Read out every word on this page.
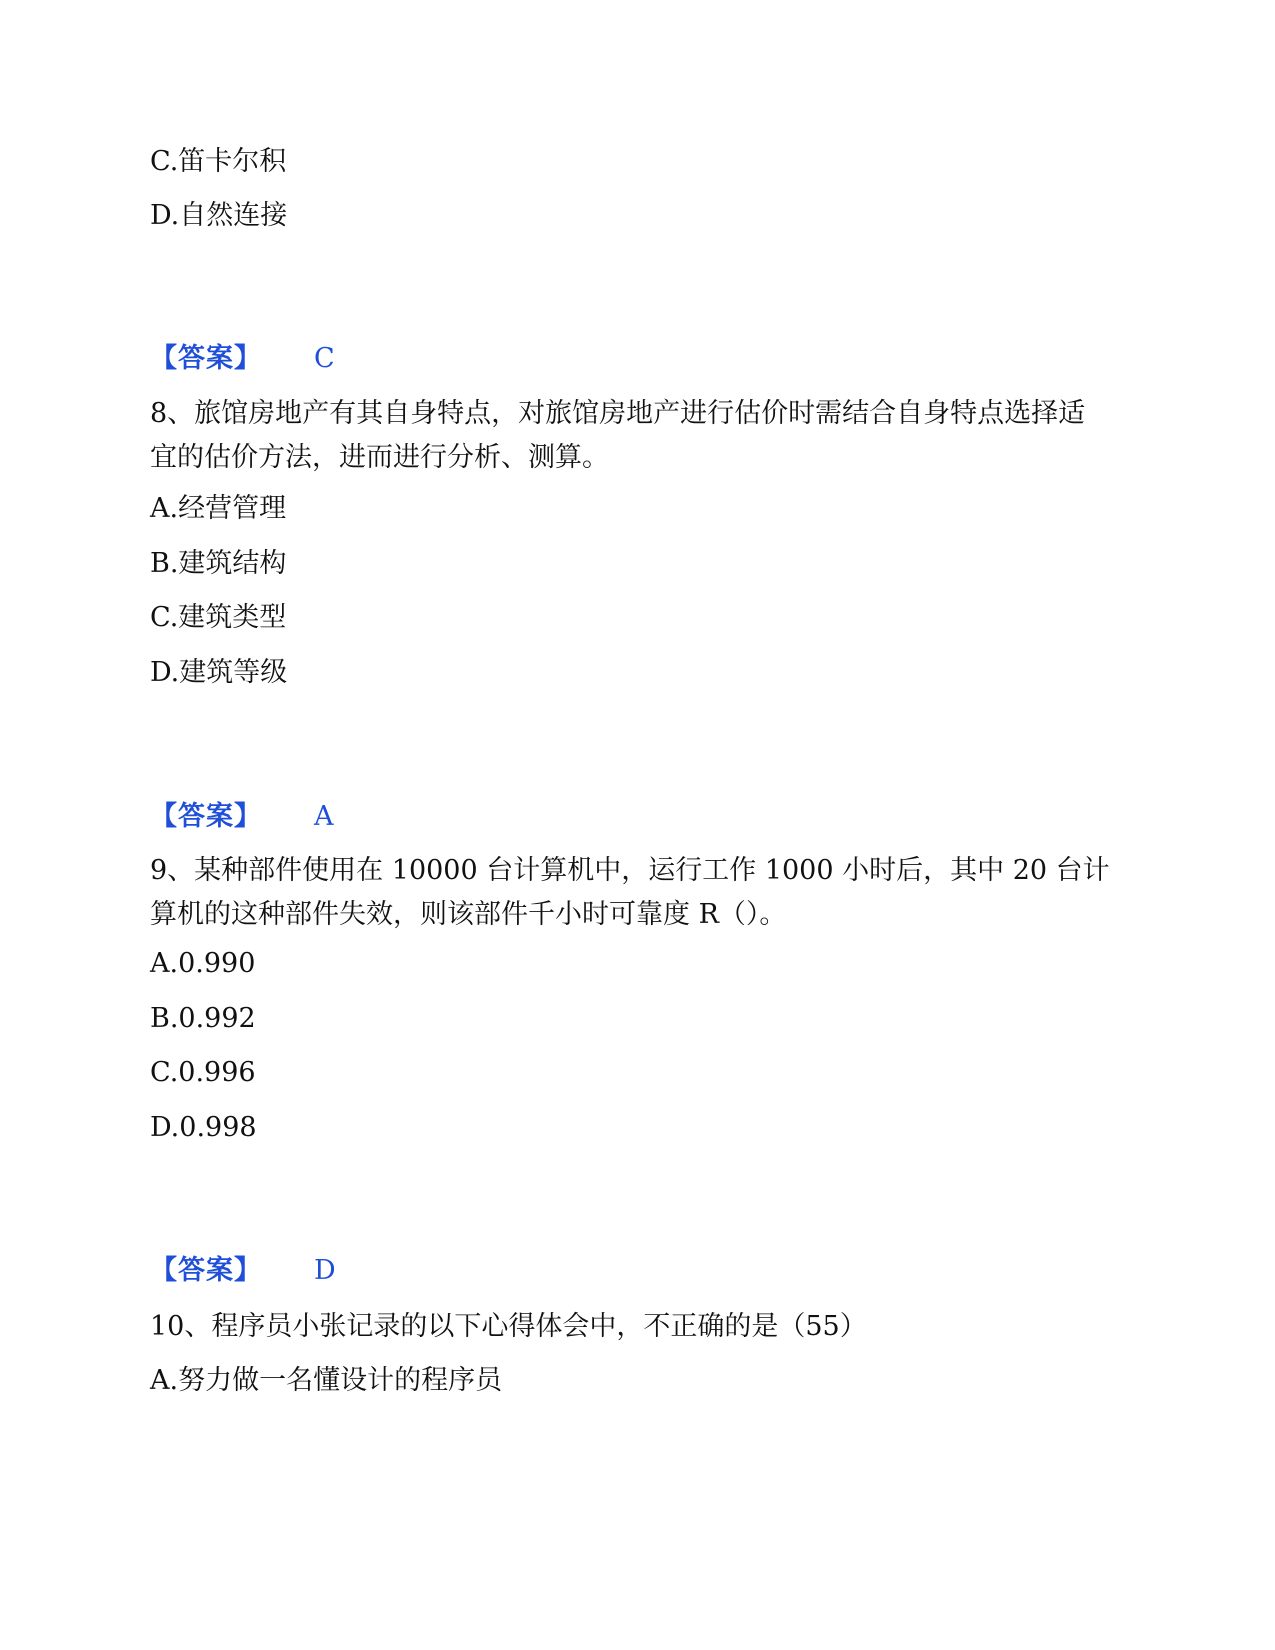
C.笛卡尔积
D.自然连接
【答案】 C
8、旅馆房地产有其自身特点，对旅馆房地产进行估价时需结合自身特点选择适宜的估价方法，进而进行分析、测算。
A.经营管理
B.建筑结构
C.建筑类型
D.建筑等级
【答案】 A
9、某种部件使用在 10000 台计算机中，运行工作 1000 小时后，其中 20 台计算机的这种部件失效，则该部件千小时可靠度 R（）。
A.0.990
B.0.992
C.0.996
D.0.998
【答案】 D
10、程序员小张记录的以下心得体会中，不正确的是（55）
A.努力做一名懂设计的程序员
